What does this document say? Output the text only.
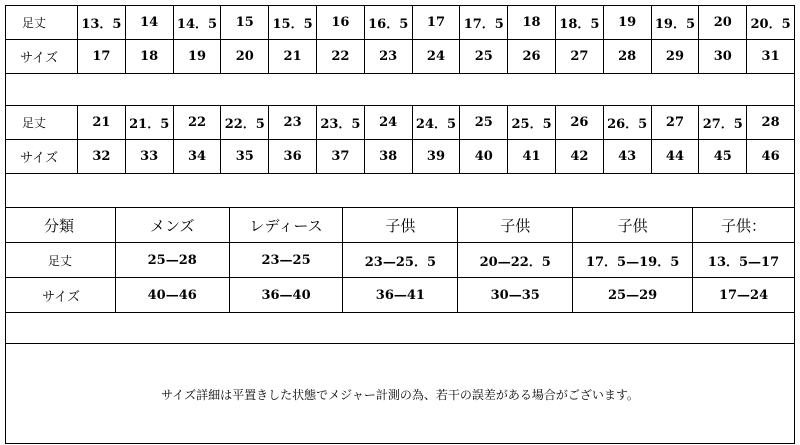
足丈	13．5	14	14．5	15	15．5	16	16．5	17	17．5	18	18．5	19	19．5	20	20．5
サイズ	17	18	19	20	21	22	23	24	25	26	27	28	29	30	31
足丈	21	21．5	22	22．5	23	23．5	24	24．5	25	25．5	26	26．5	27	27．5	28
サイズ	32	33	34	35	36	37	38	39	40	41	42	43	44	45	46
分類	メンズ	レディース	子供	子供	子供	子供：
足丈	25—28	23—25	23—25．5	20—22．5	17．5—19．5	13．5—17
サイズ	40—46	36—40	36—41	30—35	25—29	17—24
サイズ詳細は平置きした状態でメジャー計測の為、若干の誤差がある場合がございます。
